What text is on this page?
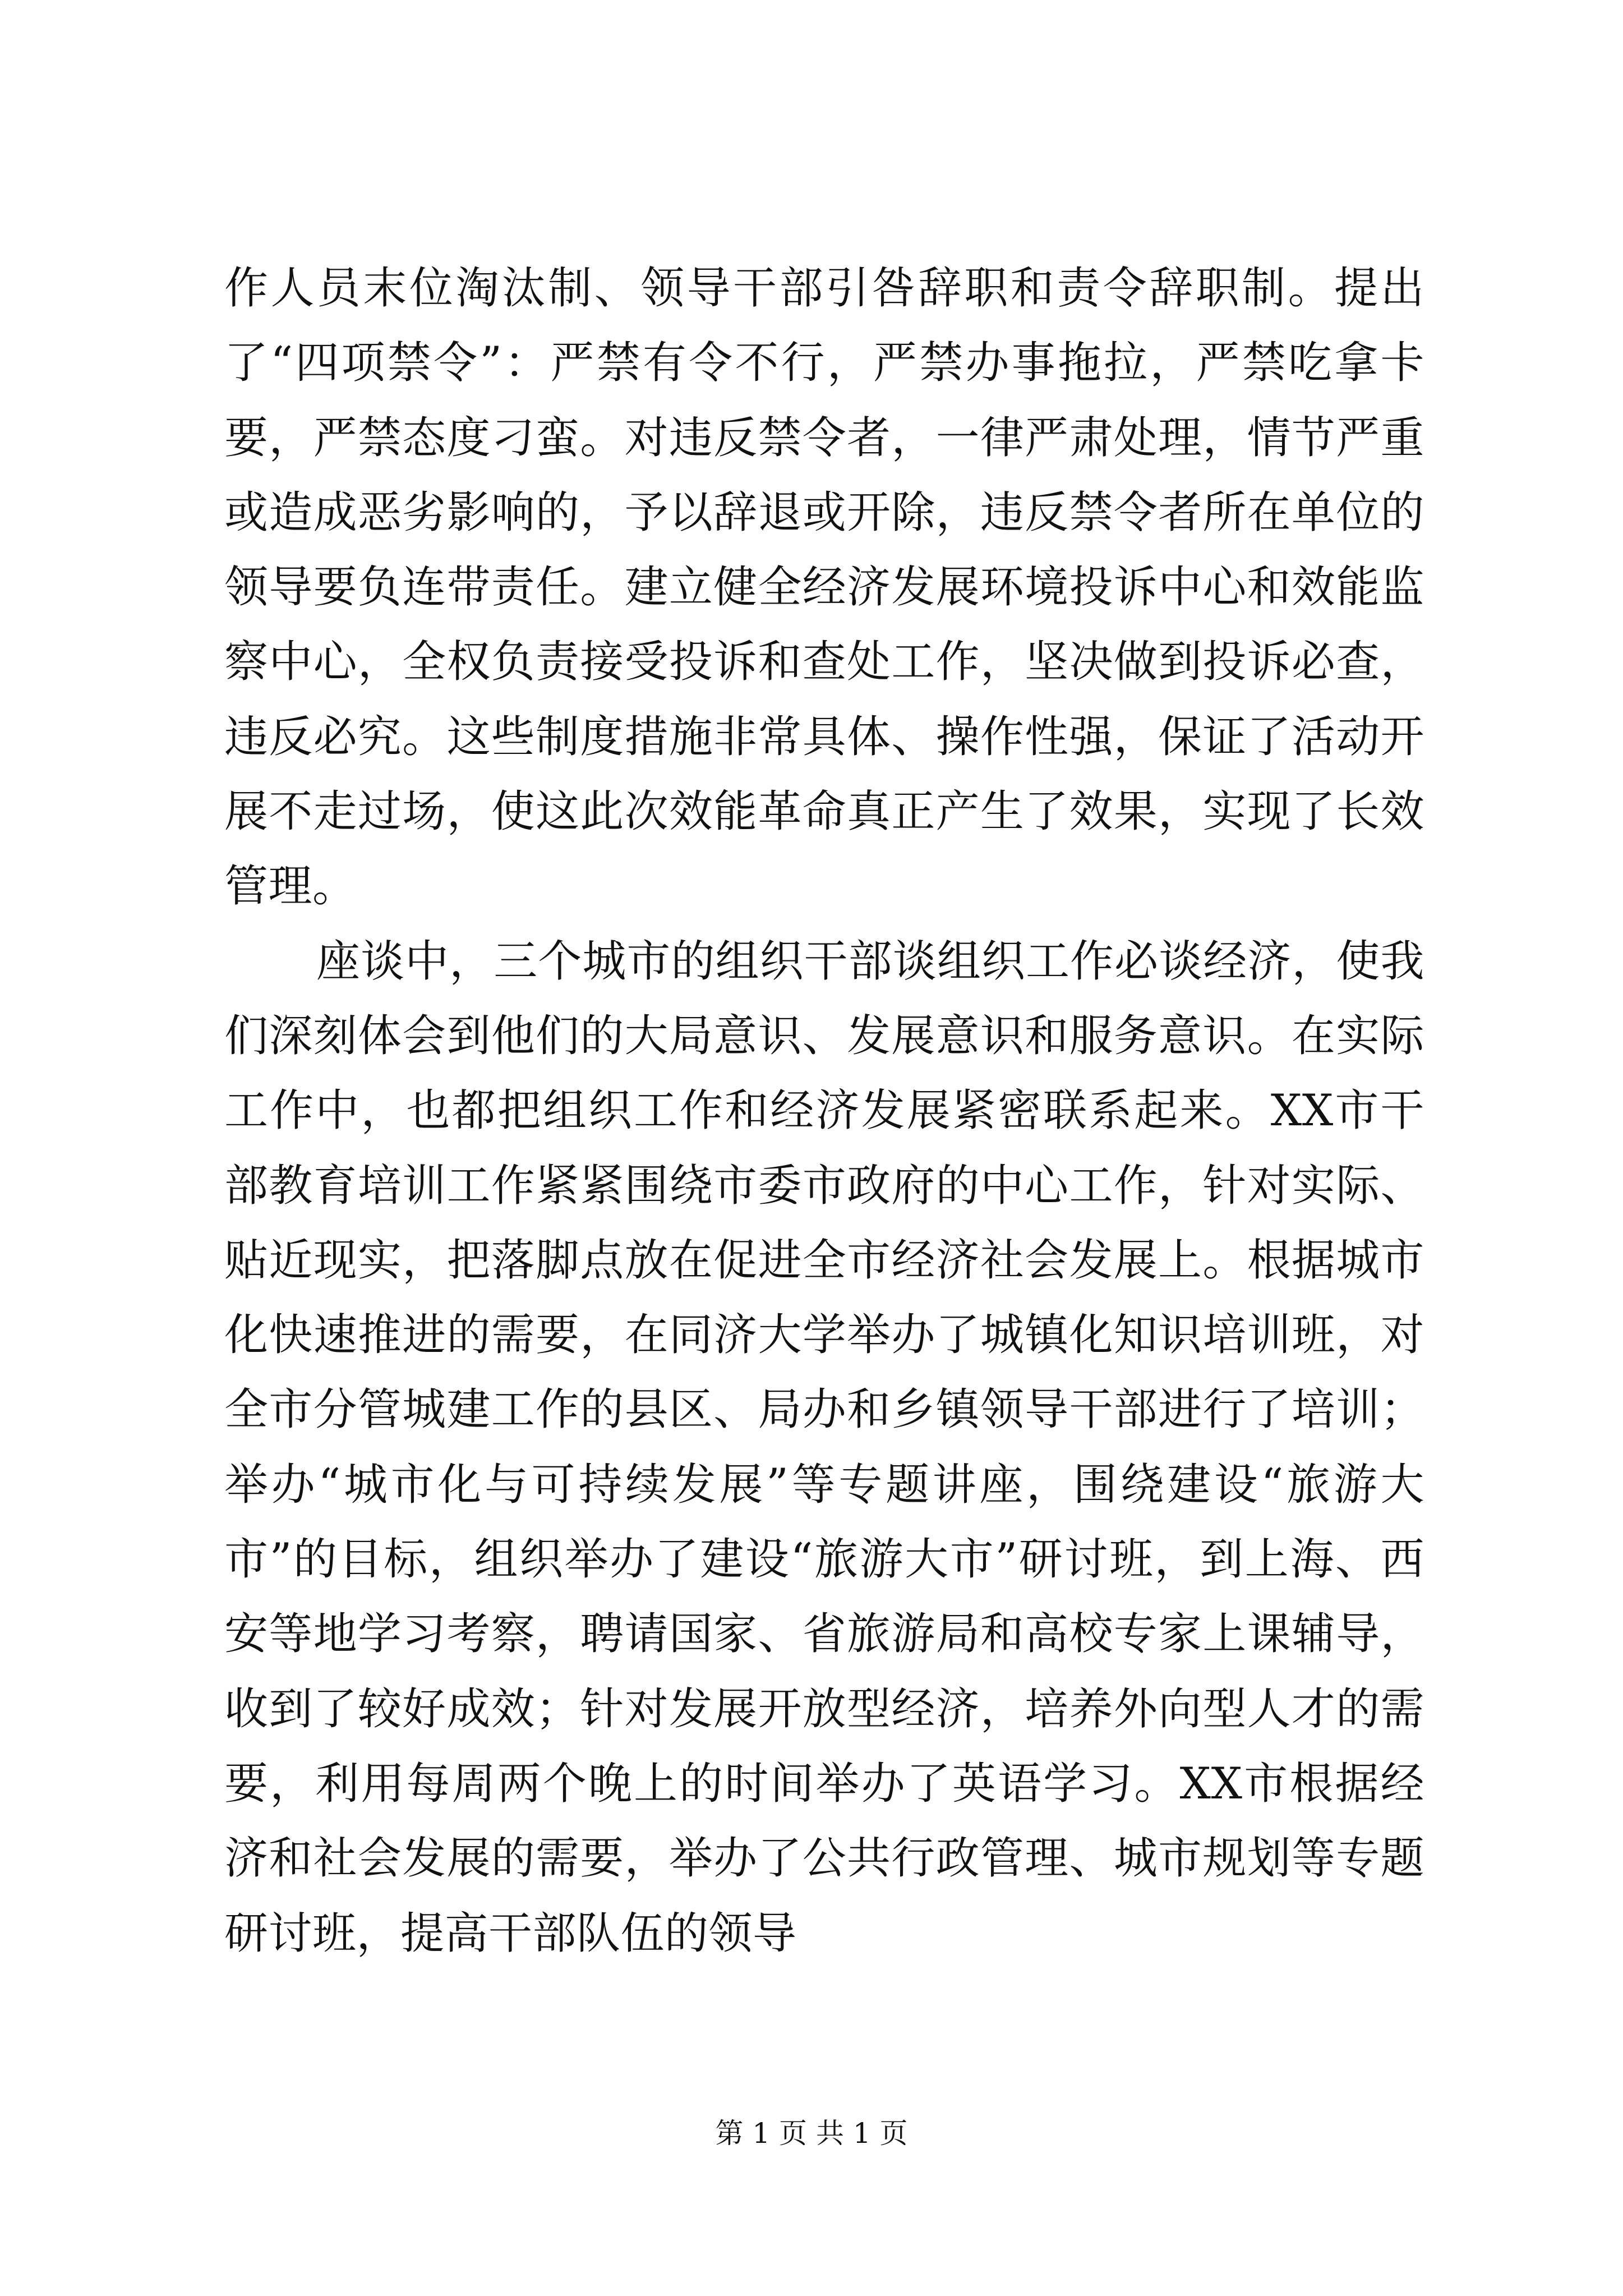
作人员末位淘汰制、领导干部引咎辞职和责令辞职制。提出了“四项禁令”：严禁有令不行，严禁办事拖拉，严禁吃拿卡要，严禁态度刁蛮。对违反禁令者，一律严肃处理，情节严重或造成恶劣影响的，予以辞退或开除，违反禁令者所在单位的领导要负连带责任。建立健全经济发展环境投诉中心和效能监察中心，全权负责接受投诉和查处工作，坚决做到投诉必查，违反必究。这些制度措施非常具体、操作性强，保证了活动开展不走过场，使这此次效能革命真正产生了效果，实现了长效管理。

座谈中，三个城市的组织干部谈组织工作必谈经济，使我们深刻体会到他们的大局意识、发展意识和服务意识。在实际工作中，也都把组织工作和经济发展紧密联系起来。XX市干部教育培训工作紧紧围绕市委市政府的中心工作，针对实际、贴近现实，把落脚点放在促进全市经济社会发展上。根据城市化快速推进的需要，在同济大学举办了城镇化知识培训班，对全市分管城建工作的县区、局办和乡镇领导干部进行了培训；举办“城市化与可持续发展”等专题讲座，围绕建设“旅游大市”的目标，组织举办了建设“旅游大市”研讨班，到上海、西安等地学习考察，聘请国家、省旅游局和高校专家上课辅导，收到了较好成效；针对发展开放型经济，培养外向型人才的需要，利用每周两个晚上的时间举办了英语学习。XX市根据经济和社会发展的需要，举办了公共行政管理、城市规划等专题研讨班，提高干部队伍的领导

第 1 页 共 1 页
